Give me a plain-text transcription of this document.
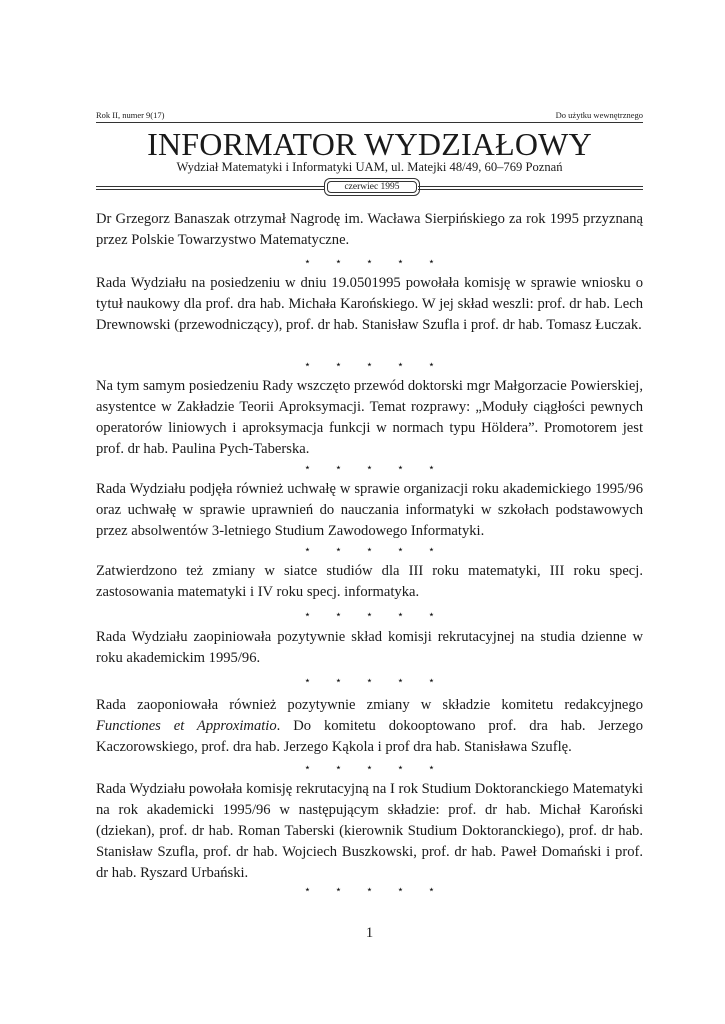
Rok II, numer 9(17)	Do użytku wewnętrznego
INFORMATOR WYDZIAŁOWY
Wydział Matematyki i Informatyki UAM, ul. Matejki 48/49, 60–769 Poznań
czerwiec 1995

Dr Grzegorz Banaszak otrzymał Nagrodę im. Wacława Sierpińskiego za rok 1995 przyznaną przez Polskie Towarzystwo Matematyczne.

⋆ ⋆ ⋆ ⋆ ⋆

Rada Wydziału na posiedzeniu w dniu 19.0501995 powołała komisję w sprawie wniosku o tytuł naukowy dla prof. dra hab. Michała Karońskiego. W jej skład weszli: prof. dr hab. Lech Drewnowski (przewodniczący), prof. dr hab. Stanisław Szufla i prof. dr hab. Tomasz Łuczak.

⋆ ⋆ ⋆ ⋆ ⋆

Na tym samym posiedzeniu Rady wszczęto przewód doktorski mgr Małgorzacie Powierskiej, asystentce w Zakładzie Teorii Aproksymacji. Temat rozprawy: „Moduły ciągłości pewnych operatorów liniowych i aproksymacja funkcji w normach typu Höldera”. Promotorem jest prof. dr hab. Paulina Pych-Taberska.

⋆ ⋆ ⋆ ⋆ ⋆

Rada Wydziału podjęła również uchwałę w sprawie organizacji roku akademickiego 1995/96 oraz uchwałę w sprawie uprawnień do nauczania informatyki w szkołach podstawowych przez absolwentów 3-letniego Studium Zawodowego Informatyki.

⋆ ⋆ ⋆ ⋆ ⋆

Zatwierdzono też zmiany w siatce studiów dla III roku matematyki, III roku specj. zastosowania matematyki i IV roku specj. informatyka.

⋆ ⋆ ⋆ ⋆ ⋆

Rada Wydziału zaopiniowała pozytywnie skład komisji rekrutacyjnej na studia dzienne w roku akademickim 1995/96.

⋆ ⋆ ⋆ ⋆ ⋆

Rada zaoponiowała również pozytywnie zmiany w składzie komitetu redakcyjnego Functiones et Approximatio. Do komitetu dokooptowano prof. dra hab. Jerzego Kaczorowskiego, prof. dra hab. Jerzego Kąkola i prof dra hab. Stanisława Szuflę.

⋆ ⋆ ⋆ ⋆ ⋆

Rada Wydziału powołała komisję rekrutacyjną na I rok Studium Doktoranckiego Matematyki na rok akademicki 1995/96 w następującym składzie: prof. dr hab. Michał Karoński (dziekan), prof. dr hab. Roman Taberski (kierownik Studium Doktoranckiego), prof. dr hab. Stanisław Szufla, prof. dr hab. Wojciech Buszkowski, prof. dr hab. Paweł Domański i prof. dr hab. Ryszard Urbański.

⋆ ⋆ ⋆ ⋆ ⋆
1
